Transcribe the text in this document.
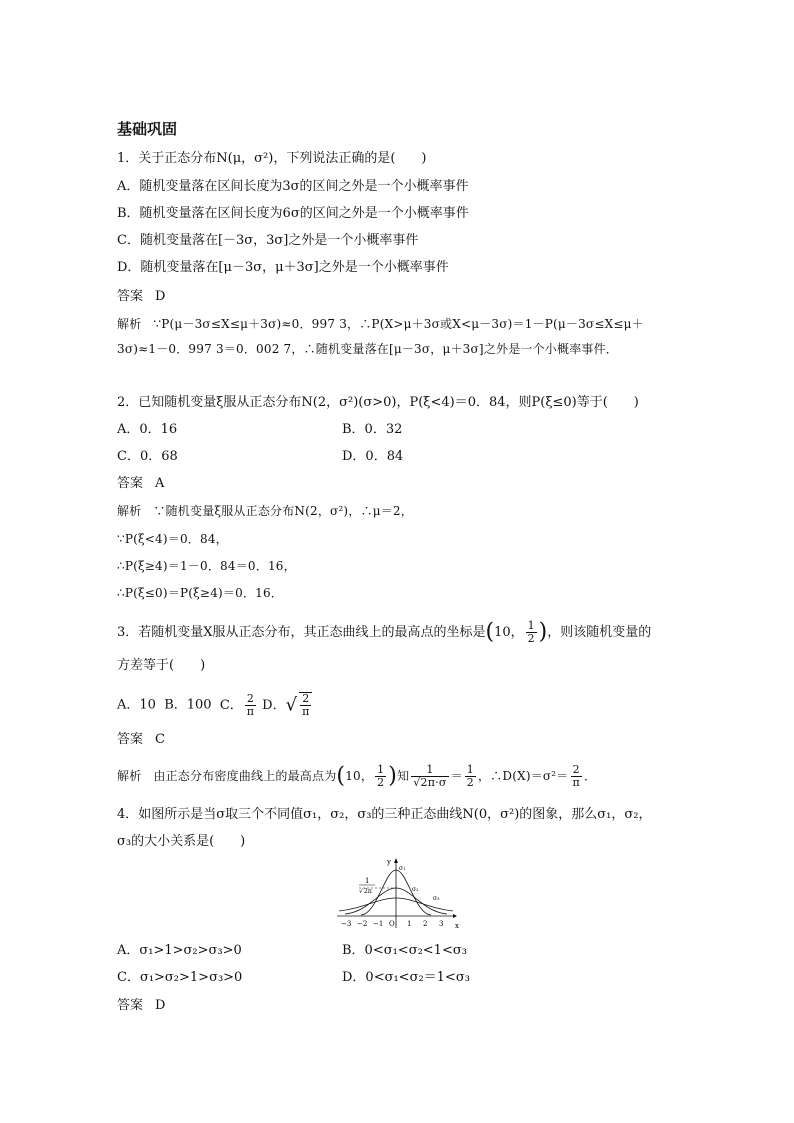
基础巩固
1．关于正态分布N(μ，σ²)，下列说法正确的是(　　)
A．随机变量落在区间长度为3σ的区间之外是一个小概率事件
B．随机变量落在区间长度为6σ的区间之外是一个小概率事件
C．随机变量落在[－3σ，3σ]之外是一个小概率事件
D．随机变量落在[μ－3σ，μ＋3σ]之外是一个小概率事件
答案 D
解析 ∵P(μ－3σ≤X≤μ＋3σ)≈0．997 3，∴P(X>μ＋3σ或X<μ－3σ)＝1－P(μ－3σ≤X≤μ＋
3σ)≈1－0．997 3＝0．002 7，∴随机变量落在[μ－3σ，μ＋3σ]之外是一个小概率事件．
2．已知随机变量ξ服从正态分布N(2，σ²)(σ>0)，P(ξ<4)＝0．84，则P(ξ≤0)等于(　　)
A．0．16	B．0．32
C．0．68	D．0．84
答案 A
解析 ∵随机变量ξ服从正态分布N(2，σ²)，∴μ＝2，
∵P(ξ<4)＝0．84，
∴P(ξ≥4)＝1－0．84＝0．16，
∴P(ξ≤0)＝P(ξ≥4)＝0．16．
3．若随机变量X服从正态分布，其正态曲线上的最高点的坐标是(10， $\frac{1}{2}$ )，则该随机变量的
方差等于(　　)
A．10 B．100 C． $\frac{2}{\pi}$ D．√ $\frac{2}{\pi}$
答案 C
解析 由正态分布密度曲线上的最高点为(10， $\frac{1}{2}$ )知 $\frac{1}{√2\pi\cdot\sigma} = \frac{1}{2}$ ，∴D(X)＝σ²＝ $\frac{2}{\pi}$ ．
4．如图所示是当σ取三个不同值σ₁，σ₂，σ₃的三种正态曲线N(0，σ²)的图象，那么σ₁，σ₂，
σ₃的大小关系是(　　)
y
x
1
√ 2π
σ₁
σ₂
σ₃
−3 −2 −1 O 1 2 3
A．σ₁>1>σ₂>σ₃>0	B．0<σ₁<σ₂<1<σ₃
C．σ₁>σ₂>1>σ₃>0	D．0<σ₁<σ₂＝1<σ₃
答案 D
